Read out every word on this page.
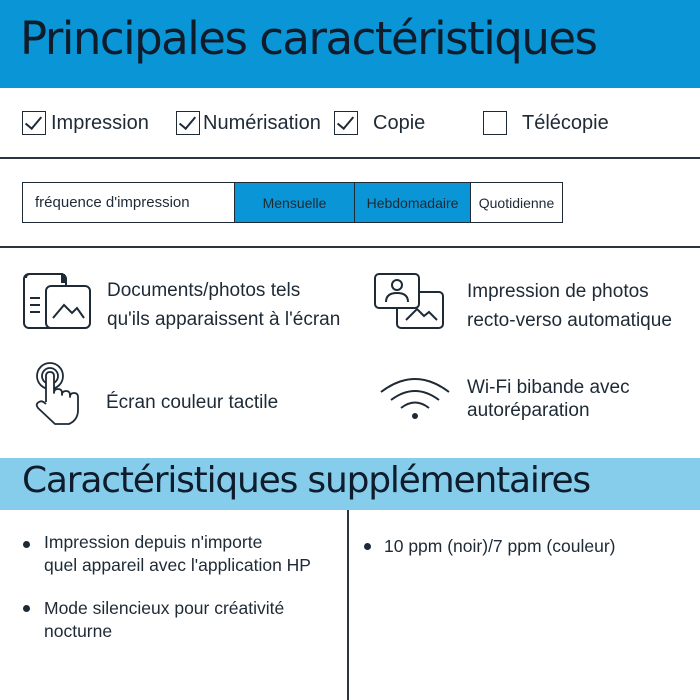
Principales caractéristiques
Impression	Numérisation	Copie	Télécopie
fréquence d'impression	Mensuelle	Hebdomadaire	Quotidienne
Documents/photos tels
qu'ils apparaissent à l'écran
Impression de photos
recto-verso automatique
Écran couleur tactile
Wi-Fi bibande avec
autoréparation
Caractéristiques supplémentaires
Impression depuis n'importe
quel appareil avec l'application HP
Mode silencieux pour créativité
nocturne
10 ppm (noir)/7 ppm (couleur)
